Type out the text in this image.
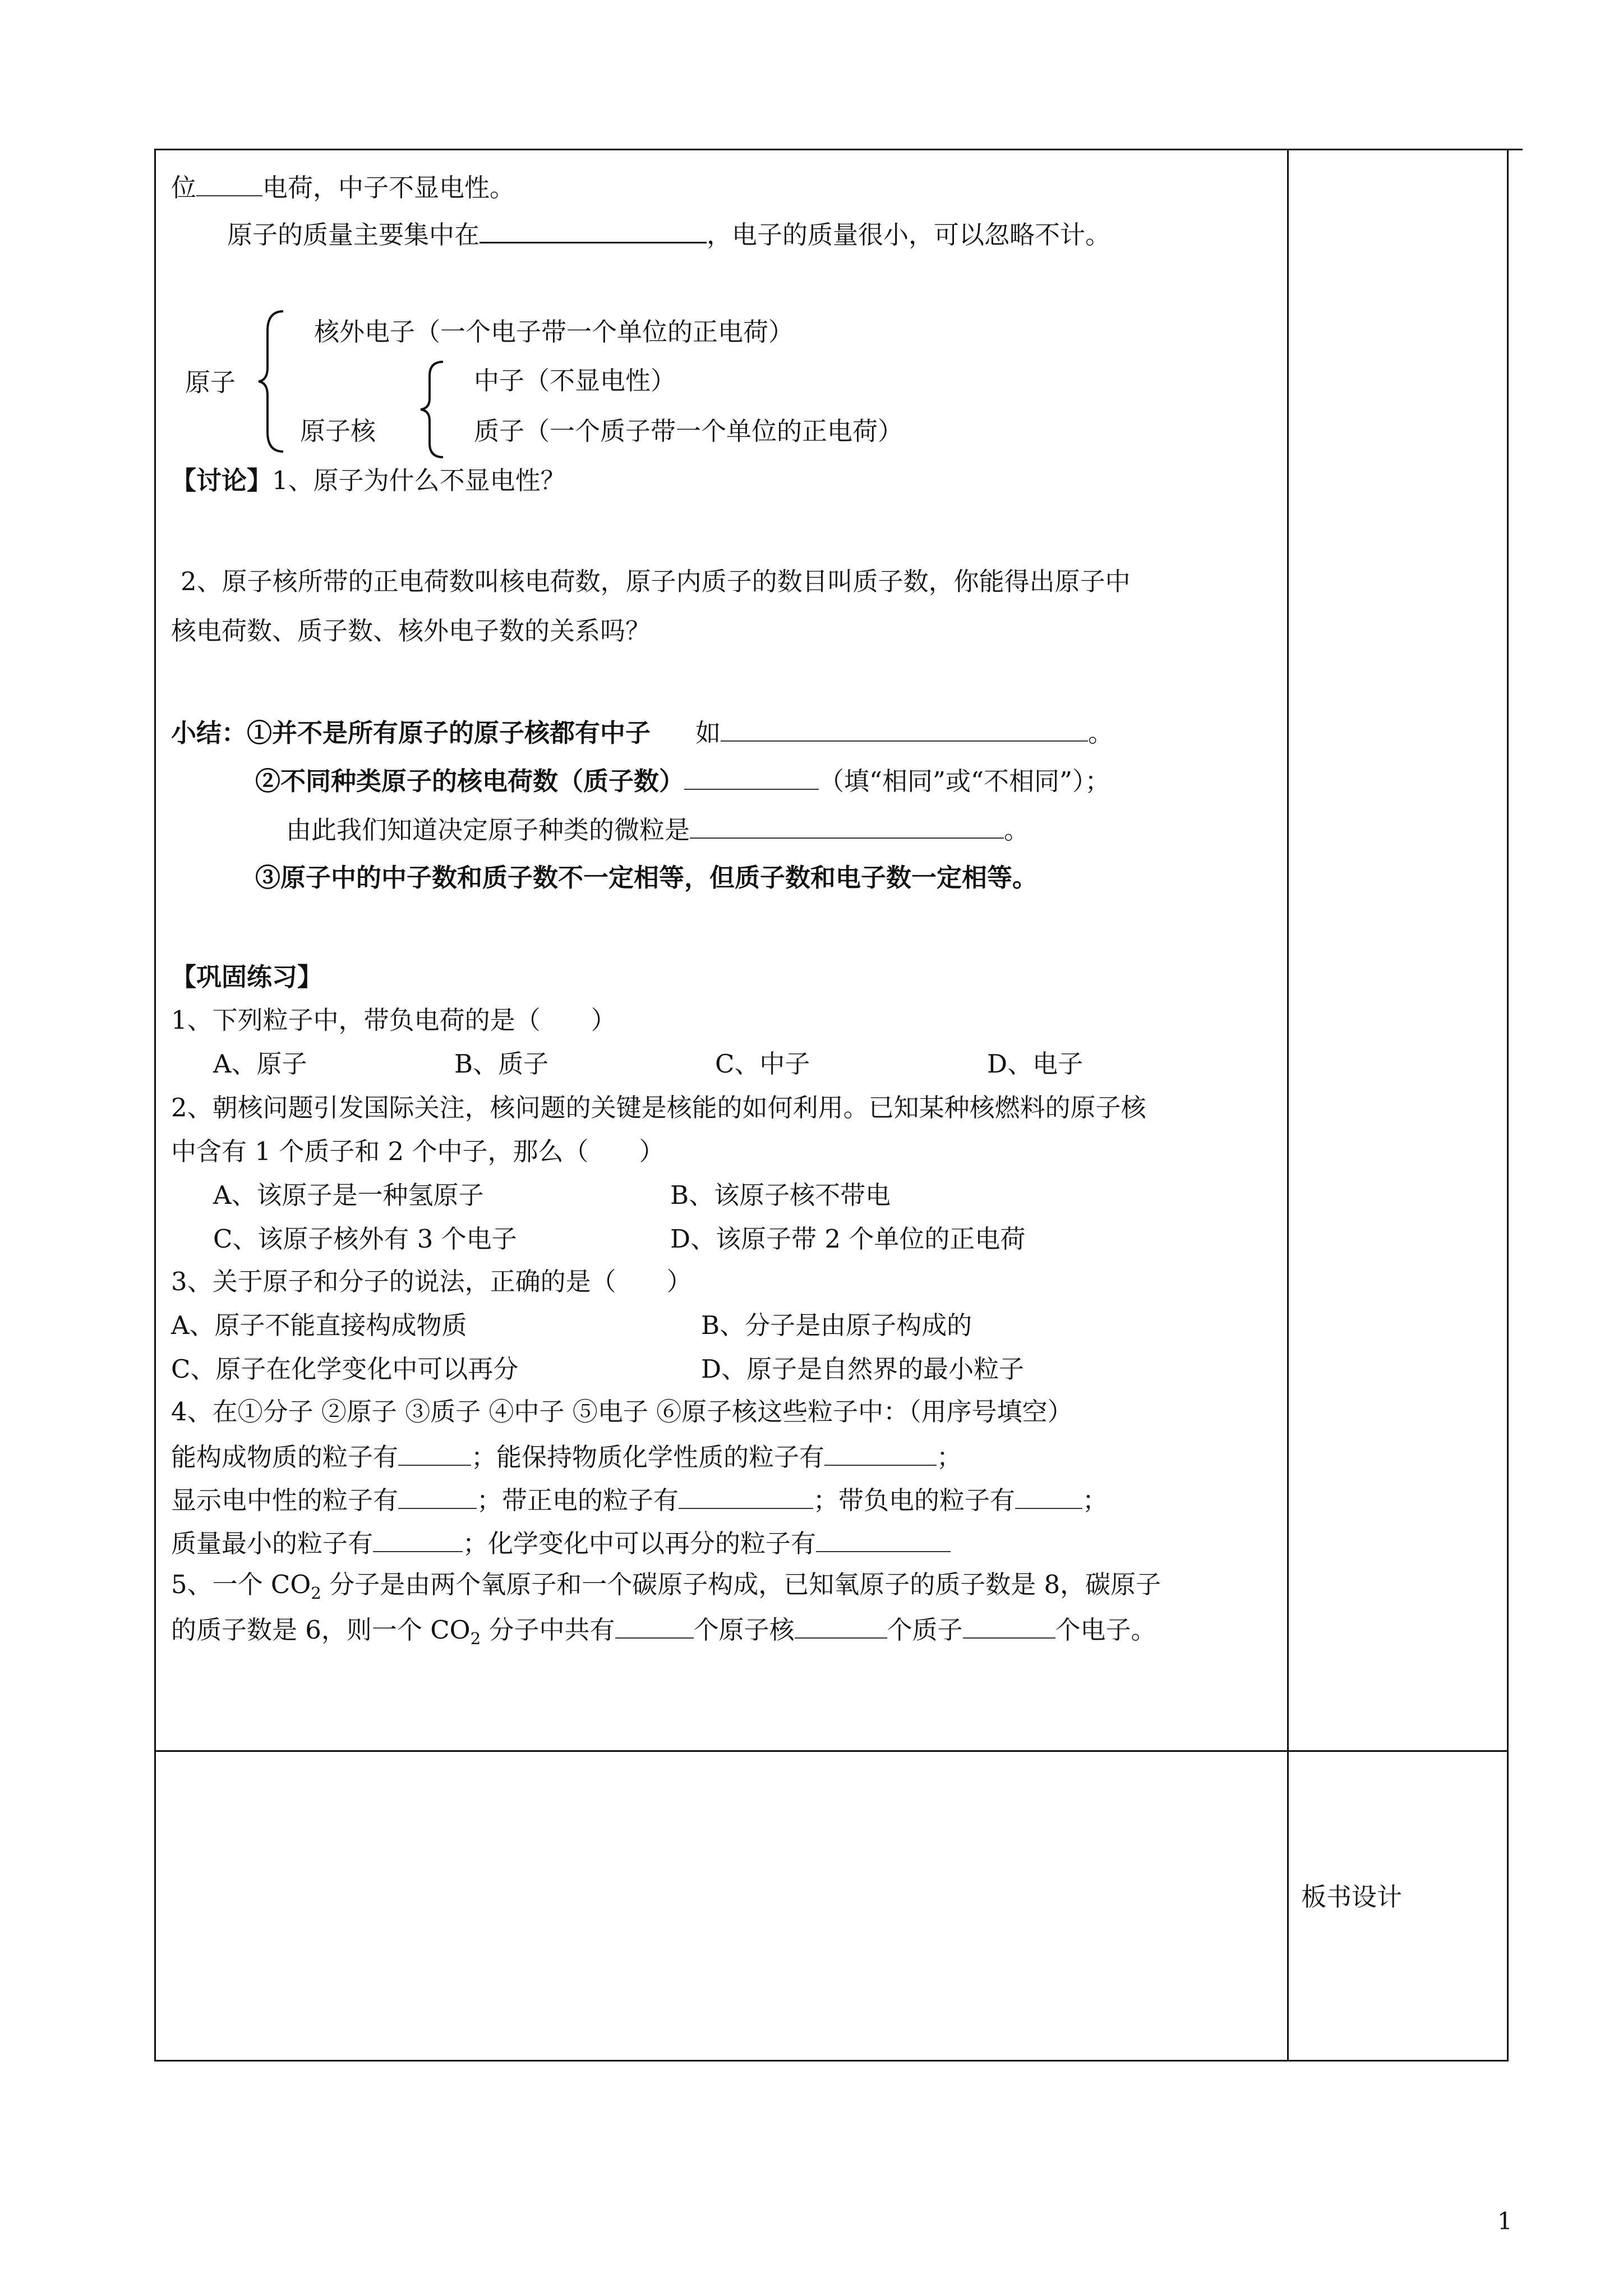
位	电荷，中子不显电性。
原子的质量主要集中在	，电子的质量很小，可以忽略不计。
核外电子（一个电子带一个单位的正电荷）
原子	中子（不显电性）
原子核	质子（一个质子带一个单位的正电荷）
【讨论】1、原子为什么不显电性？
2、原子核所带的正电荷数叫核电荷数，原子内质子的数目叫质子数，你能得出原子中
核电荷数、质子数、核外电子数的关系吗？
小结：①并不是所有原子的原子核都有中子 如	。
②不同种类原子的核电荷数（质子数）	（填“相同”或“不相同”）；
由此我们知道决定原子种类的微粒是	。
③原子中的中子数和质子数不一定相等，但质子数和电子数一定相等。
【巩固练习】
1、下列粒子中，带负电荷的是（　　）
A、原子	B、质子	C、中子	D、电子
2、朝核问题引发国际关注，核问题的关键是核能的如何利用。已知某种核燃料的原子核
中含有 1 个质子和 2 个中子，那么（　　）
A、该原子是一种氢原子	B、该原子核不带电
C、该原子核外有 3 个电子	D、该原子带 2 个单位的正电荷
3、关于原子和分子的说法，正确的是（　　）
A、原子不能直接构成物质	B、分子是由原子构成的
C、原子在化学变化中可以再分	D、原子是自然界的最小粒子
4、在①分子 ②原子 ③质子 ④中子 ⑤电子 ⑥原子核这些粒子中：（用序号填空）
能构成物质的粒子有	；能保持物质化学性质的粒子有	；
显示电中性的粒子有	；带正电的粒子有	；带负电的粒子有	；
质量最小的粒子有	；化学变化中可以再分的粒子有
5、一个 $CO_2$ 分子是由两个氧原子和一个碳原子构成，已知氧原子的质子数是 8，碳原子
的质子数是 6，则一个 $CO_2$ 分子中共有	个原子核	个质子	个电子。
板书设计
1
